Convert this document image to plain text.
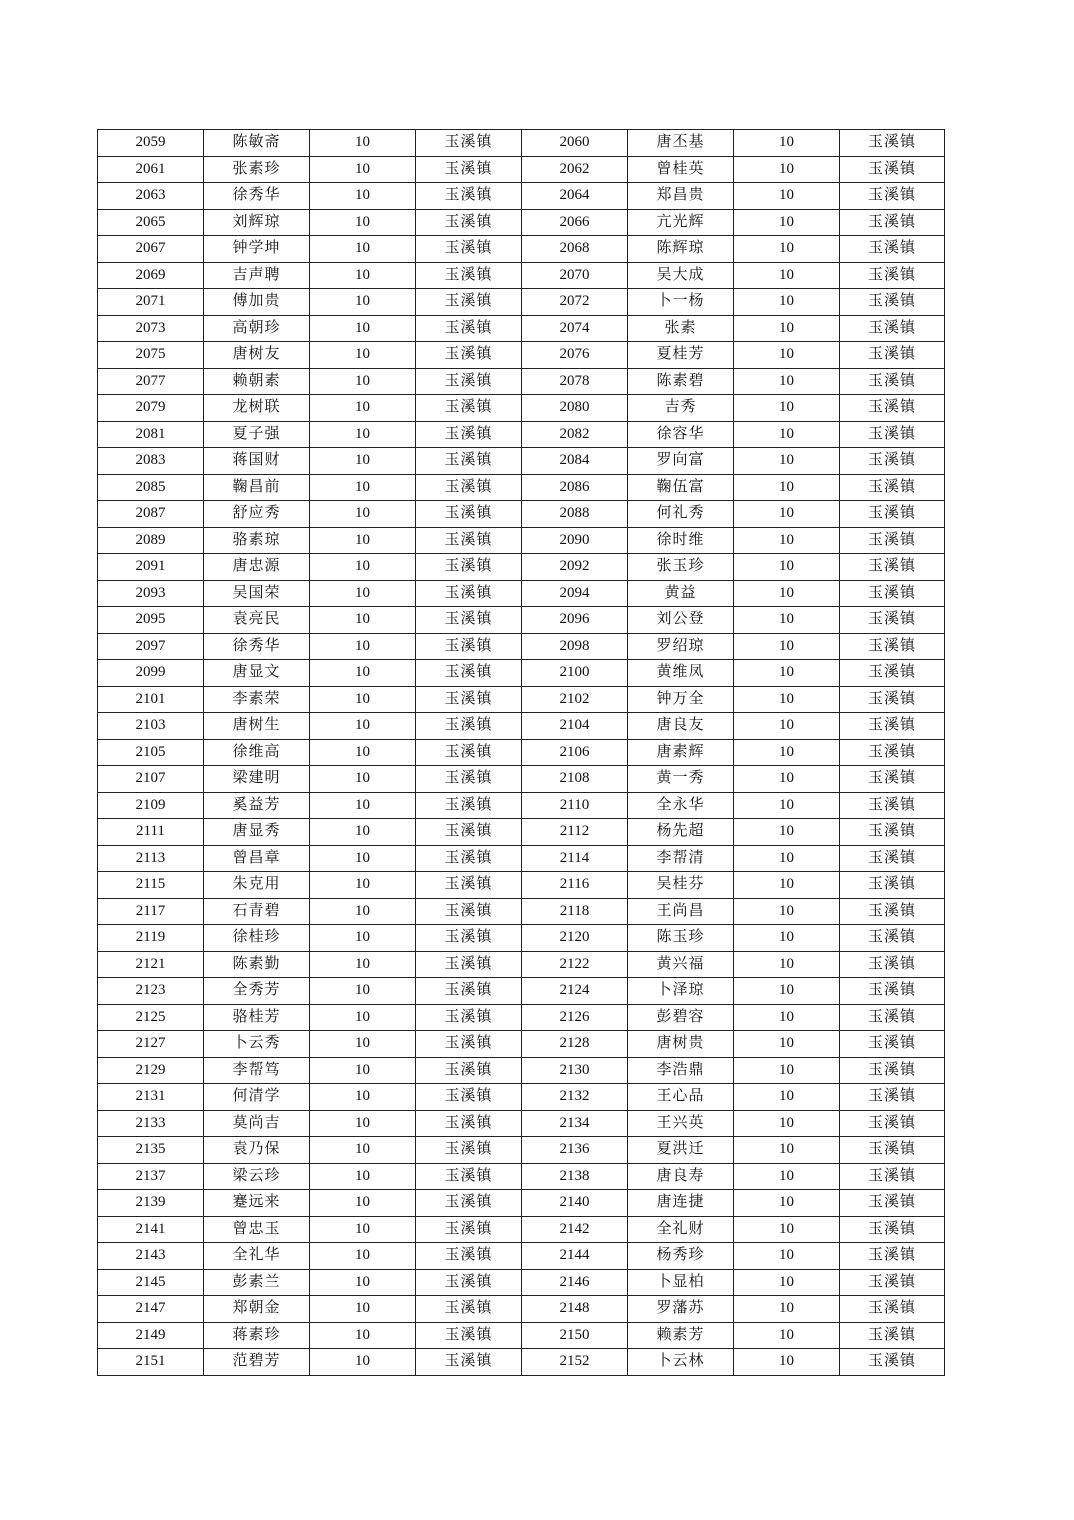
2059	陈敏斋	10	玉溪镇	2060	唐丕基	10	玉溪镇
2061	张素珍	10	玉溪镇	2062	曾桂英	10	玉溪镇
2063	徐秀华	10	玉溪镇	2064	郑昌贵	10	玉溪镇
2065	刘辉琼	10	玉溪镇	2066	亢光辉	10	玉溪镇
2067	钟学坤	10	玉溪镇	2068	陈辉琼	10	玉溪镇
2069	吉声聘	10	玉溪镇	2070	吴大成	10	玉溪镇
2071	傅加贵	10	玉溪镇	2072	卜一杨	10	玉溪镇
2073	高朝珍	10	玉溪镇	2074	张素	10	玉溪镇
2075	唐树友	10	玉溪镇	2076	夏桂芳	10	玉溪镇
2077	赖朝素	10	玉溪镇	2078	陈素碧	10	玉溪镇
2079	龙树联	10	玉溪镇	2080	吉秀	10	玉溪镇
2081	夏子强	10	玉溪镇	2082	徐容华	10	玉溪镇
2083	蒋国财	10	玉溪镇	2084	罗向富	10	玉溪镇
2085	鞠昌前	10	玉溪镇	2086	鞠伍富	10	玉溪镇
2087	舒应秀	10	玉溪镇	2088	何礼秀	10	玉溪镇
2089	骆素琼	10	玉溪镇	2090	徐时维	10	玉溪镇
2091	唐忠源	10	玉溪镇	2092	张玉珍	10	玉溪镇
2093	吴国荣	10	玉溪镇	2094	黄益	10	玉溪镇
2095	袁亮民	10	玉溪镇	2096	刘公登	10	玉溪镇
2097	徐秀华	10	玉溪镇	2098	罗绍琼	10	玉溪镇
2099	唐显文	10	玉溪镇	2100	黄维凤	10	玉溪镇
2101	李素荣	10	玉溪镇	2102	钟万全	10	玉溪镇
2103	唐树生	10	玉溪镇	2104	唐良友	10	玉溪镇
2105	徐维高	10	玉溪镇	2106	唐素辉	10	玉溪镇
2107	梁建明	10	玉溪镇	2108	黄一秀	10	玉溪镇
2109	奚益芳	10	玉溪镇	2110	全永华	10	玉溪镇
2111	唐显秀	10	玉溪镇	2112	杨先超	10	玉溪镇
2113	曾昌章	10	玉溪镇	2114	李帮清	10	玉溪镇
2115	朱克用	10	玉溪镇	2116	吴桂芬	10	玉溪镇
2117	石青碧	10	玉溪镇	2118	王尚昌	10	玉溪镇
2119	徐桂珍	10	玉溪镇	2120	陈玉珍	10	玉溪镇
2121	陈素勤	10	玉溪镇	2122	黄兴福	10	玉溪镇
2123	全秀芳	10	玉溪镇	2124	卜泽琼	10	玉溪镇
2125	骆桂芳	10	玉溪镇	2126	彭碧容	10	玉溪镇
2127	卜云秀	10	玉溪镇	2128	唐树贵	10	玉溪镇
2129	李帮笃	10	玉溪镇	2130	李浩鼎	10	玉溪镇
2131	何清学	10	玉溪镇	2132	王心品	10	玉溪镇
2133	莫尚吉	10	玉溪镇	2134	王兴英	10	玉溪镇
2135	袁乃保	10	玉溪镇	2136	夏洪迁	10	玉溪镇
2137	梁云珍	10	玉溪镇	2138	唐良寿	10	玉溪镇
2139	蹇远来	10	玉溪镇	2140	唐连捷	10	玉溪镇
2141	曾忠玉	10	玉溪镇	2142	全礼财	10	玉溪镇
2143	全礼华	10	玉溪镇	2144	杨秀珍	10	玉溪镇
2145	彭素兰	10	玉溪镇	2146	卜显柏	10	玉溪镇
2147	郑朝金	10	玉溪镇	2148	罗藩苏	10	玉溪镇
2149	蒋素珍	10	玉溪镇	2150	赖素芳	10	玉溪镇
2151	范碧芳	10	玉溪镇	2152	卜云林	10	玉溪镇
